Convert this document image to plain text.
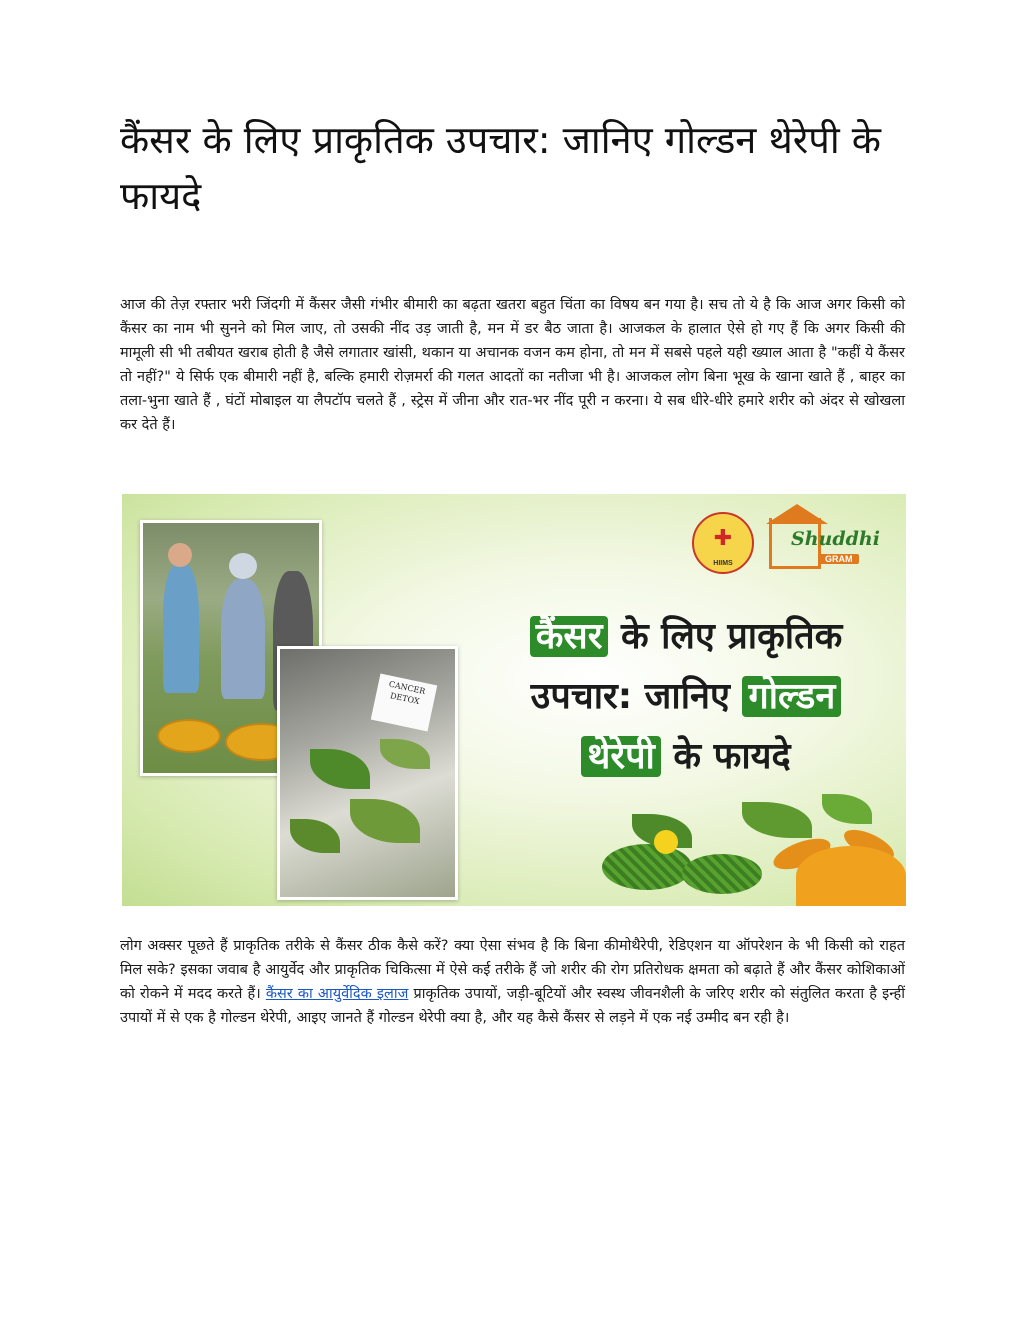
कैंसर के लिए प्राकृतिक उपचार: जानिए गोल्डन थेरेपी के फायदे

आज की तेज़ रफ्तार भरी जिंदगी में कैंसर जैसी गंभीर बीमारी का बढ़ता खतरा बहुत चिंता का विषय बन गया है। सच तो ये है कि आज अगर किसी को कैंसर का नाम भी सुनने को मिल जाए, तो उसकी नींद उड़ जाती है, मन में डर बैठ जाता है। आजकल के हालात ऐसे हो गए हैं कि अगर किसी की मामूली सी भी तबीयत खराब होती है जैसे लगातार खांसी, थकान या अचानक वजन कम होना, तो मन में सबसे पहले यही ख्याल आता है "कहीं ये कैंसर तो नहीं?" ये सिर्फ एक बीमारी नहीं है, बल्कि हमारी रोज़मर्रा की गलत आदतों का नतीजा भी है। आजकल लोग बिना भूख के खाना खाते हैं , बाहर का तला-भुना खाते हैं , घंटों मोबाइल या लैपटॉप चलते हैं , स्ट्रेस में जीना और रात-भर नींद पूरी न करना। ये सब धीरे-धीरे हमारे शरीर को अंदर से खोखला कर देते हैं।

CANCER DETOX
✚
HIIMS
Shuddhi
GRAM
कैंसर के लिए प्राकृतिक
उपचार: जानिए गोल्डन
थेरेपी के फायदे

लोग अक्सर पूछते हैं प्राकृतिक तरीके से कैंसर ठीक कैसे करें? क्या ऐसा संभव है कि बिना कीमोथैरेपी, रेडिएशन या ऑपरेशन के भी किसी को राहत मिल सके? इसका जवाब है आयुर्वेद और प्राकृतिक चिकित्सा में ऐसे कई तरीके हैं जो शरीर की रोग प्रतिरोधक क्षमता को बढ़ाते हैं और कैंसर कोशिकाओं को रोकने में मदद करते हैं। कैंसर का आयुर्वेदिक इलाज प्राकृतिक उपायों, जड़ी-बूटियों और स्वस्थ जीवनशैली के जरिए शरीर को संतुलित करता है इन्हीं उपायों में से एक है गोल्डन थेरेपी, आइए जानते हैं गोल्डन थेरेपी क्या है, और यह कैसे कैंसर से लड़ने में एक नई उम्मीद बन रही है।
